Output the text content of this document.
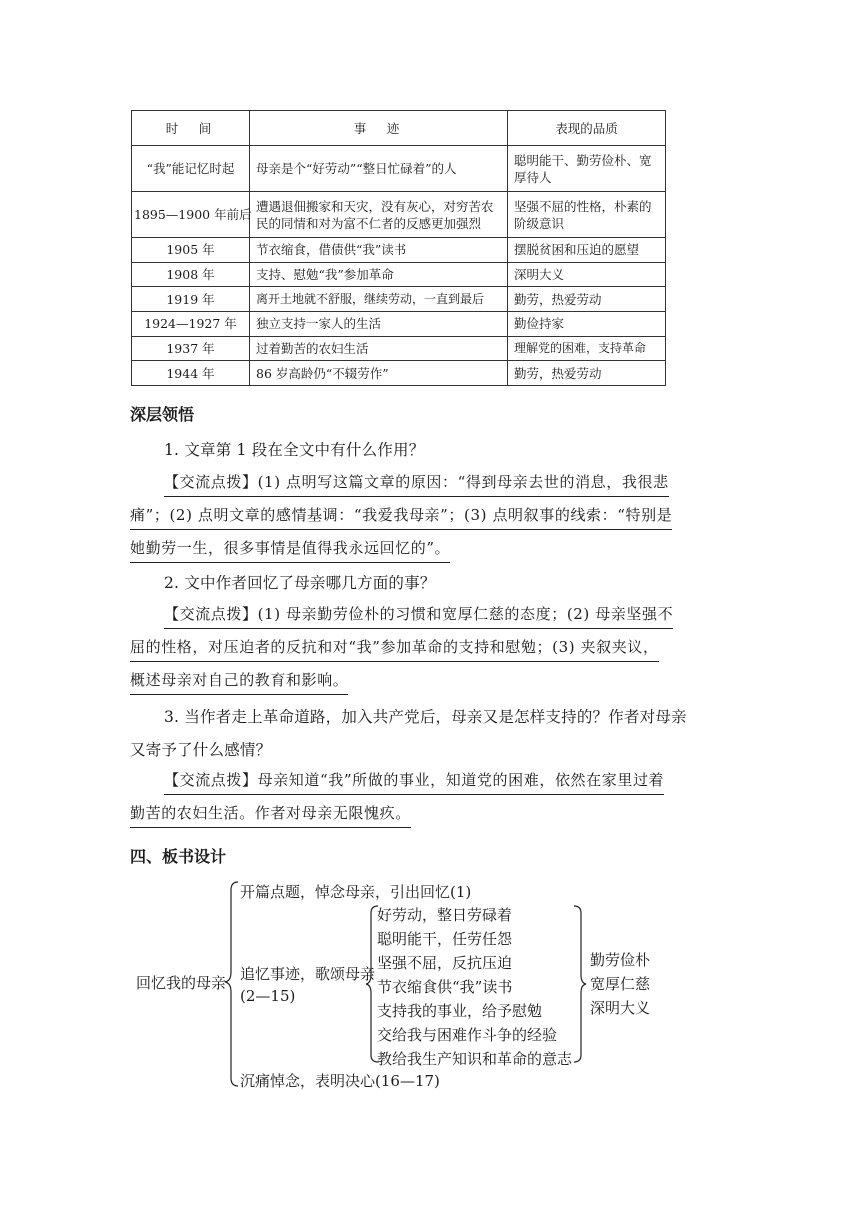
时　间	事　迹	表现的品质
“我”能记忆时起	母亲是个“好劳动”“整日忙碌着”的人	聪明能干、勤劳俭朴、宽厚待人
1895—1900 年前后	遭遇退佃搬家和天灾，没有灰心，对穷苦农民的同情和对为富不仁者的反感更加强烈	坚强不屈的性格，朴素的阶级意识
1905 年	节衣缩食，借债供“我”读书	摆脱贫困和压迫的愿望
1908 年	支持、慰勉“我”参加革命	深明大义
1919 年	离开土地就不舒服，继续劳动，一直到最后	勤劳，热爱劳动
1924—1927 年	独立支持一家人的生活	勤俭持家
1937 年	过着勤苦的农妇生活	理解党的困难，支持革命
1944 年	86 岁高龄仍“不辍劳作”	勤劳，热爱劳动
深层领悟
1. 文章第 1 段在全文中有什么作用？
【交流点拨】(1) 点明写这篇文章的原因：“得到母亲去世的消息，我很悲
痛”；(2) 点明文章的感情基调：“我爱我母亲”；(3) 点明叙事的线索：“特别是
她勤劳一生，很多事情是值得我永远回忆的”。
2. 文中作者回忆了母亲哪几方面的事？
【交流点拨】(1) 母亲勤劳俭朴的习惯和宽厚仁慈的态度；(2) 母亲坚强不
屈的性格，对压迫者的反抗和对“我”参加革命的支持和慰勉；(3) 夹叙夹议，
概述母亲对自己的教育和影响。
3. 当作者走上革命道路，加入共产党后，母亲又是怎样支持的？作者对母亲
又寄予了什么感情？
【交流点拨】母亲知道“我”所做的事业，知道党的困难，依然在家里过着
勤苦的农妇生活。作者对母亲无限愧疚。
四、板书设计
回忆我的母亲
开篇点题，悼念母亲，引出回忆(1)
追忆事迹，歌颂母亲
(2—15)
沉痛悼念，表明决心(16—17)
好劳动，整日劳碌着
聪明能干，任劳任怨
坚强不屈，反抗压迫
节衣缩食供“我”读书
支持我的事业，给予慰勉
交给我与困难作斗争的经验
教给我生产知识和革命的意志
勤劳俭朴
宽厚仁慈
深明大义
